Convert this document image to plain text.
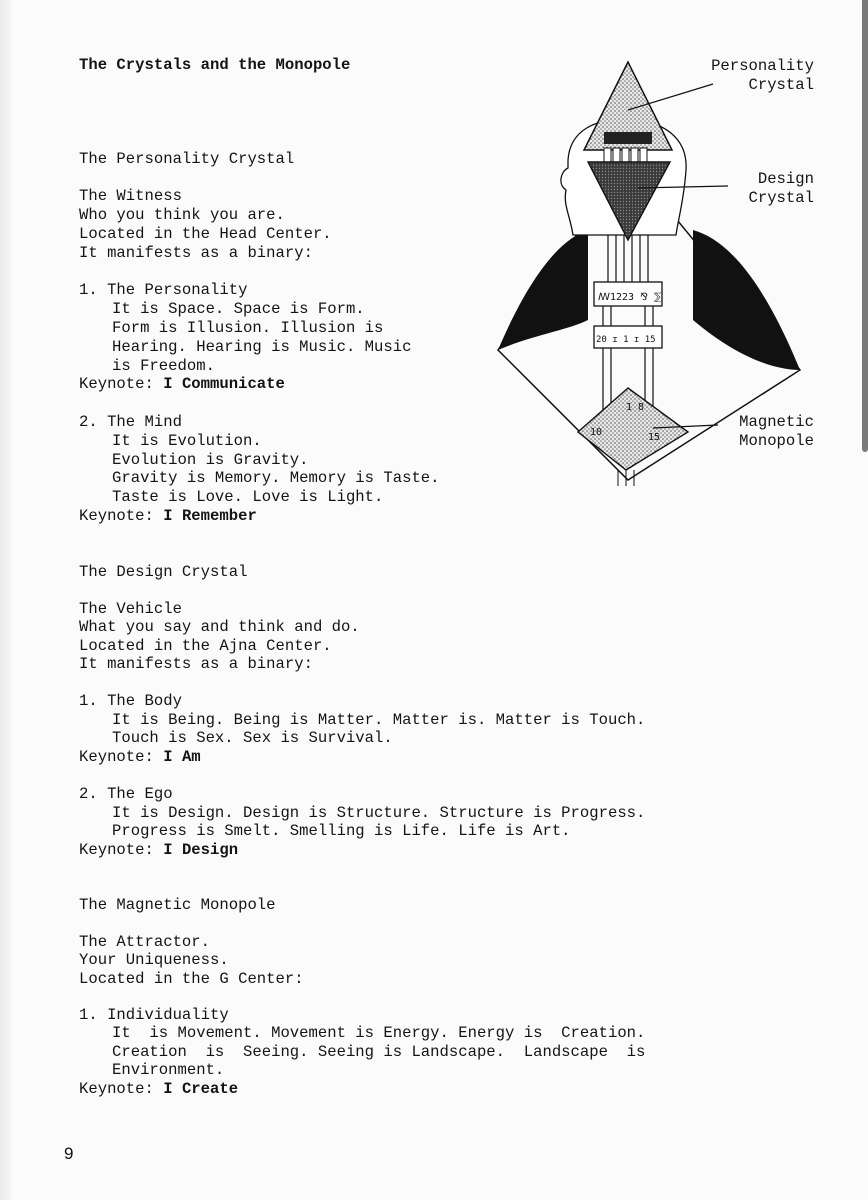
The Crystals and the Monopole
The Personality Crystal
The Witness
Who you think you are.
Located in the Head Center.
It manifests as a binary:
1. The Personality
It is Space. Space is Form.
Form is Illusion. Illusion is
Hearing. Hearing is Music. Music
is Freedom.
Keynote: I Communicate
2. The Mind
It is Evolution.
Evolution is Gravity.
Gravity is Memory. Memory is Taste.
Taste is Love. Love is Light.
Keynote: I Remember
The Design Crystal
The Vehicle
What you say and think and do.
Located in the Ajna Center.
It manifests as a binary:
1. The Body
It is Being. Being is Matter. Matter is. Matter is Touch.
Touch is Sex. Sex is Survival.
Keynote: I Am
2. The Ego
It is Design. Design is Structure. Structure is Progress.
Progress is Smelt. Smelling is Life. Life is Art.
Keynote: I Design
The Magnetic Monopole
The Attractor.
Your Uniqueness.
Located in the G Center:
1. Individuality
It  is Movement. Movement is Energy. Energy is  Creation.
Creation  is  Seeing. Seeing is Landscape.  Landscape  is
Environment.
Keynote: I Create
Personality
Crystal
Design
Crystal
Magnetic
Monopole
ꟿ1223 ⅋ ⅀
20 ɪ 1 ɪ 15
1 8
10	15
9
